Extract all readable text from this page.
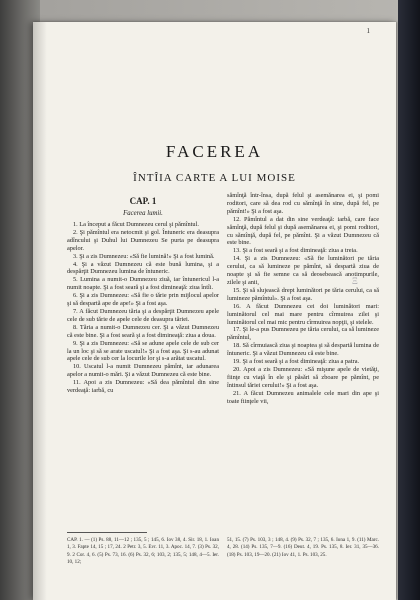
1
FACEREA
ÎNTÎIA CARTE A LUI MOISE
CAP. 1
Facerea lumii.

1. La început a făcut Dumnezeu cerul şi pămîntul.

2. Şi pămîntul era netocmit şi gol. Întuneric era deasupra adîncului şi Duhul lui Dumnezeu Se purta pe deasupra apelor.

3. Şi a zis Dumnezeu: «Să fie lumină!» Şi a fost lumină.

4. Şi a văzut Dumnezeu că este bună lumina, şi a despărţit Dumnezeu lumina de întuneric.

5. Lumina a numit-o Dumnezeu ziuă, iar întunericul l-a numit noapte. Şi a fost seară şi a fost dimineaţă: ziua întîi.

6. Şi a zis Dumnezeu: «Să fie o tărie prin mijlocul apelor şi să despartă ape de ape!» Şi a fost aşa.

7. A făcut Dumnezeu tăria şi a despărţit Dumnezeu apele cele de sub tărie de apele cele de deasupra tăriei.

8. Tăria a numit-o Dumnezeu cer. Şi a văzut Dumnezeu că este bine. Şi a fost seară şi a fost dimineaţă: ziua a doua.

9. Şi a zis Dumnezeu: «Să se adune apele cele de sub cer la un loc şi să se arate uscatul!» Şi a fost aşa. Şi s-au adunat apele cele de sub cer la locurile lor şi s-a arătat uscatul.

10. Uscatul l-a numit Dumnezeu pămînt, iar adunarea apelor a numit-o mări. Şi a văzut Dumnezeu că este bine.

11. Apoi a zis Dumnezeu: «Să dea pămîntul din sine verdeaţă: iarbă, cu

sămînţă într-însa, după felul şi asemănarea ei, şi pomi roditori, care să dea rod cu sămînţă în sine, după fel, pe pămînt!» Şi a fost aşa.

12. Pămîntul a dat din sine verdeaţă: iarbă, care face sămînţă, după felul şi după asemănarea ei, şi pomi roditori, cu sămînţă, după fel, pe pămînt. Şi a văzut Dumnezeu că este bine.

13. Şi a fost seară şi a fost dimineaţă: ziua a treia.

14. Şi a zis Dumnezeu: «Să fie luminători pe tăria cerului, ca să lumineze pe pămînt, să despartă ziua de noapte şi să fie semne ca să deosebească anotimpurile, zilele şi anii,

15. Şi să slujească drept luminători pe tăria cerului, ca să lumineze pămîntul». Şi a fost aşa.

16. A făcut Dumnezeu cei doi luminători mari: luminătorul cel mai mare pentru cîrmuirea zilei şi luminătorul cel mai mic pentru cîrmuirea nopţii, şi stelele.

17. Şi le-a pus Dumnezeu pe tăria cerului, ca să lumineze pămîntul,

18. Să cîrmuiască ziua şi noaptea şi să despartă lumina de întuneric. Şi a văzut Dumnezeu că este bine.

19. Şi a fost seară şi a fost dimineaţă: ziua a patra.

20. Apoi a zis Dumnezeu: «Să mişune apele de vietăţi, fiinţe cu viaţă în ele şi păsări să zboare pe pămînt, pe întinsul tăriei cerului!» Şi a fost aşa.

21. A făcut Dumnezeu animalele cele mari din ape şi toate fiinţele vii,

CAP. 1. — (1) Ps. 88, 11—12 ; 135, 5 ; 145, 6. Iov 38, 4. Sir. 18, 1. Ioan 1, 3. Fapte 14, 15 ; 17, 24. 2 Petr. 3, 5. Evr. 11, 3. Apoc. 14, 7. (3) Ps. 32, 9. 2 Cor. 4, 6. (5) Ps. 73, 16. (6) Ps. 32, 6; 103, 2; 135, 5; 148, 4—5. Ier. 10, 12;
51, 15. (7) Ps. 103, 3 ; 148, 4. (9) Ps. 32, 7 ; 135, 6. Iona 1, 9. (11) Marc. 4, 28. (14) Ps. 135, 7—9. (16) Deut. 4, 19. Ps. 135, 8. Ier. 31, 35—36. (18) Ps. 103, 19—20. (21) Iov 41, 1. Ps. 103, 25.
Ξ
